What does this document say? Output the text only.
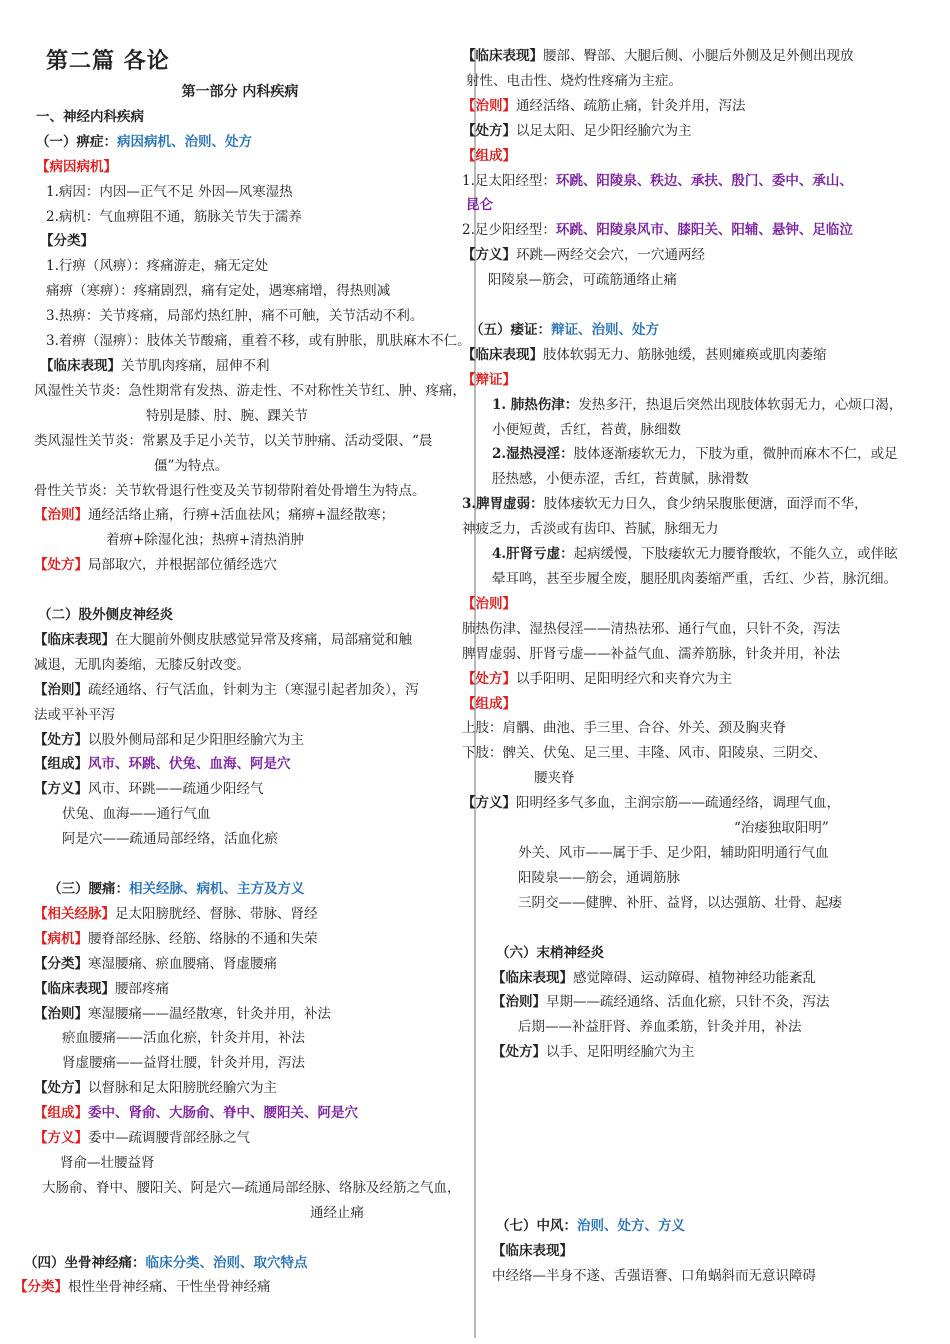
第二篇 各论
第一部分 内科疾病
一、神经内科疾病
（一）痹症：病因病机、治则、处方
【病因病机】
1.病因：内因—正气不足 外因—风寒湿热
2.病机：气血痹阻不通，筋脉关节失于濡养
【分类】
1.行痹（风痹）：疼痛游走，痛无定处
痛痹（寒痹）：疼痛剧烈，痛有定处，遇寒痛增，得热则减
3.热痹：关节疼痛，局部灼热红肿，痛不可触，关节活动不利。
3.着痹（湿痹）：肢体关节酸痛，重着不移，或有肿胀，肌肤麻木不仁。
【临床表现】关节肌肉疼痛，屈伸不利
风湿性关节炎：急性期常有发热、游走性、不对称性关节红、肿、疼痛，
特别是膝、肘、腕、踝关节
类风湿性关节炎：常累及手足小关节，以关节肿痛、活动受限、“晨
僵”为特点。
骨性关节炎：关节软骨退行性变及关节韧带附着处骨增生为特点。
【治则】通经活络止痛，行痹+活血祛风；痛痹+温经散寒；
着痹+除湿化浊；热痹+清热消肿
【处方】局部取穴，并根据部位循经选穴
（二）股外侧皮神经炎
【临床表现】在大腿前外侧皮肤感觉异常及疼痛，局部痛觉和触
减退，无肌肉萎缩，无膝反射改变。
【治则】疏经通络、行气活血，针刺为主（寒湿引起者加灸），泻
法或平补平泻
【处方】以股外侧局部和足少阳胆经腧穴为主
【组成】风市、环跳、伏兔、血海、阿是穴
【方义】风市、环跳——疏通少阳经气
伏兔、血海——通行气血
阿是穴——疏通局部经络，活血化瘀
（三）腰痛：相关经脉、病机、主方及方义
【相关经脉】足太阳膀胱经、督脉、带脉、肾经
【病机】腰脊部经脉、经筋、络脉的不通和失荣
【分类】寒湿腰痛、瘀血腰痛、肾虚腰痛
【临床表现】腰部疼痛
【治则】寒湿腰痛——温经散寒，针灸并用，补法
瘀血腰痛——活血化瘀，针灸并用，补法
肾虚腰痛——益肾壮腰，针灸并用，泻法
【处方】以督脉和足太阳膀胱经腧穴为主
【组成】委中、肾俞、大肠俞、脊中、腰阳关、阿是穴
【方义】委中—疏调腰背部经脉之气
肾俞—壮腰益肾
大肠俞、脊中、腰阳关、阿是穴—疏通局部经脉、络脉及经筋之气血，
通经止痛
（四）坐骨神经痛：临床分类、治则、取穴特点
【分类】根性坐骨神经痛、干性坐骨神经痛
【临床表现】腰部、臀部、大腿后侧、小腿后外侧及足外侧出现放
射性、电击性、烧灼性疼痛为主症。
【治则】通经活络、疏筋止痛，针灸并用，泻法
【处方】以足太阳、足少阳经腧穴为主
【组成】
1.足太阳经型：环跳、阳陵泉、秩边、承扶、殷门、委中、承山、
昆仑
2.足少阳经型：环跳、阳陵泉风市、膝阳关、阳辅、悬钟、足临泣
【方义】环跳—两经交会穴，一穴通两经
阳陵泉—筋会，可疏筋通络止痛
（五）痿证：辩证、治则、处方
【临床表现】肢体软弱无力、筋脉弛缓，甚则瘫痪或肌肉萎缩
【辩证】
1. 肺热伤津：发热多汗，热退后突然出现肢体软弱无力，心烦口渴，
小便短黄，舌红，苔黄，脉细数
2.湿热浸淫：肢体逐渐痿软无力，下肢为重，微肿而麻木不仁，或足
胫热感，小便赤涩，舌红，苔黄腻，脉滑数
3.脾胃虚弱：肢体痿软无力日久，食少纳呆腹胀便溏，面浮而不华，
神疲乏力，舌淡或有齿印、苔腻，脉细无力
4.肝肾亏虚：起病缓慢，下肢痿软无力腰脊酸软，不能久立，或伴眩
晕耳鸣，甚至步履全废，腿胫肌肉萎缩严重，舌红、少苔，脉沉细。
【治则】
肺热伤津、湿热侵淫——清热祛邪、通行气血，只针不灸，泻法
脾胃虚弱、肝肾亏虚——补益气血、濡养筋脉，针灸并用，补法
【处方】以手阳明、足阳明经穴和夹脊穴为主
【组成】
上肢：肩髃、曲池、手三里、合谷、外关、颈及胸夹脊
下肢：髀关、伏兔、足三里、丰隆、风市、阳陵泉、三阴交、
腰夹脊
【方义】阳明经多气多血，主润宗筋——疏通经络，调理气血，
“治痿独取阳明”
外关、风市——属于手、足少阳，辅助阳明通行气血
阳陵泉——筋会，通调筋脉
三阴交——健脾、补肝、益肾，以达强筋、壮骨、起痿
（六）末梢神经炎
【临床表现】感觉障碍、运动障碍、植物神经功能紊乱
【治则】早期——疏经通络、活血化瘀，只针不灸，泻法
后期——补益肝肾、养血柔筋，针灸并用，补法
【处方】以手、足阳明经腧穴为主
（七）中风：治则、处方、方义
【临床表现】
中经络—半身不遂、舌强语謇、口角蜗斜而无意识障碍
